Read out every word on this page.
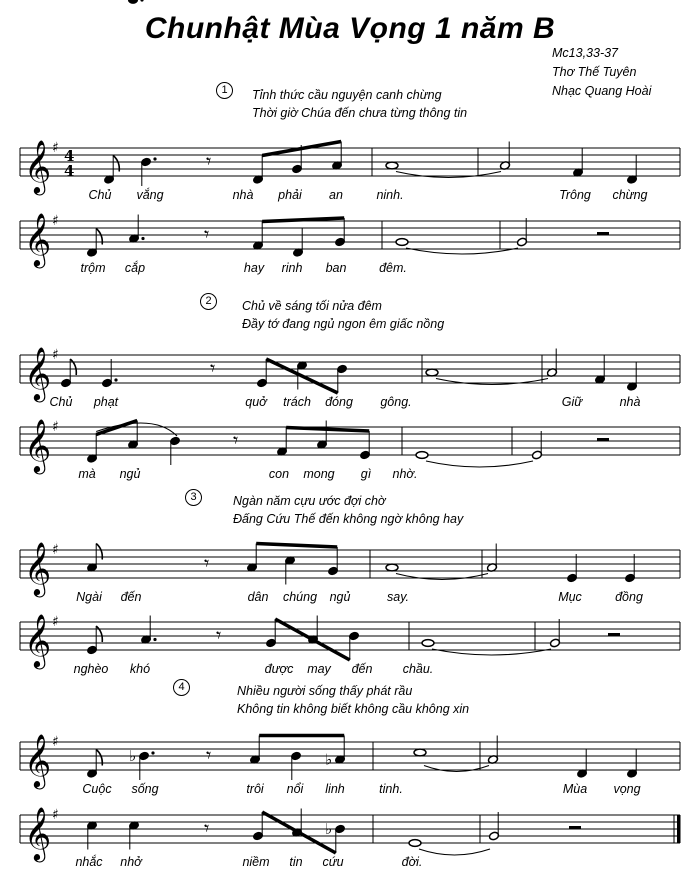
Chunhật Mùa Vọng 1 năm B
Mc13,33-37
Thơ Thế Tuyên
Nhạc Quang Hoài
1	Tỉnh thức cầu nguyện canh chừng
Thời giờ Chúa đến chưa từng thông tin
2	Chủ về sáng tối nửa đêm
Đầy tớ đang ngủ ngon êm giấc nồng
3	Ngàn năm cựu ước đợi chờ
Đấng Cứu Thế đến không ngờ không hay
4	Nhiều người sống thấy phát rầu
Không tin không biết không cầu không xin
𝄞 ♯ 4
4	𝄾
Chủ vắng	nhà phải an	ninh.	Trông chừng
𝄞 ♯
𝄾
trộm cắp	hay rinh ban	đêm.
𝄞 ♯
𝄾
Chủ phạt	quở trách đóng gông.	Giữ	nhà
𝄞 ♯
𝄾
mà ngủ	con mong gì nhờ.
𝄞 ♯
𝄾
Ngài đến	dân chúng ngủ	say.	Mục	đồng
𝄞 ♯
𝄾
nghèo khó	được may đến chầu.
𝄞 ♯
♭	𝄾	♭
Cuộc sống	trôi nổi linh	tinh.	Mùa vọng
𝄞 ♯
𝄾	♭
nhắc nhở	niềm tin cứu	đời.
